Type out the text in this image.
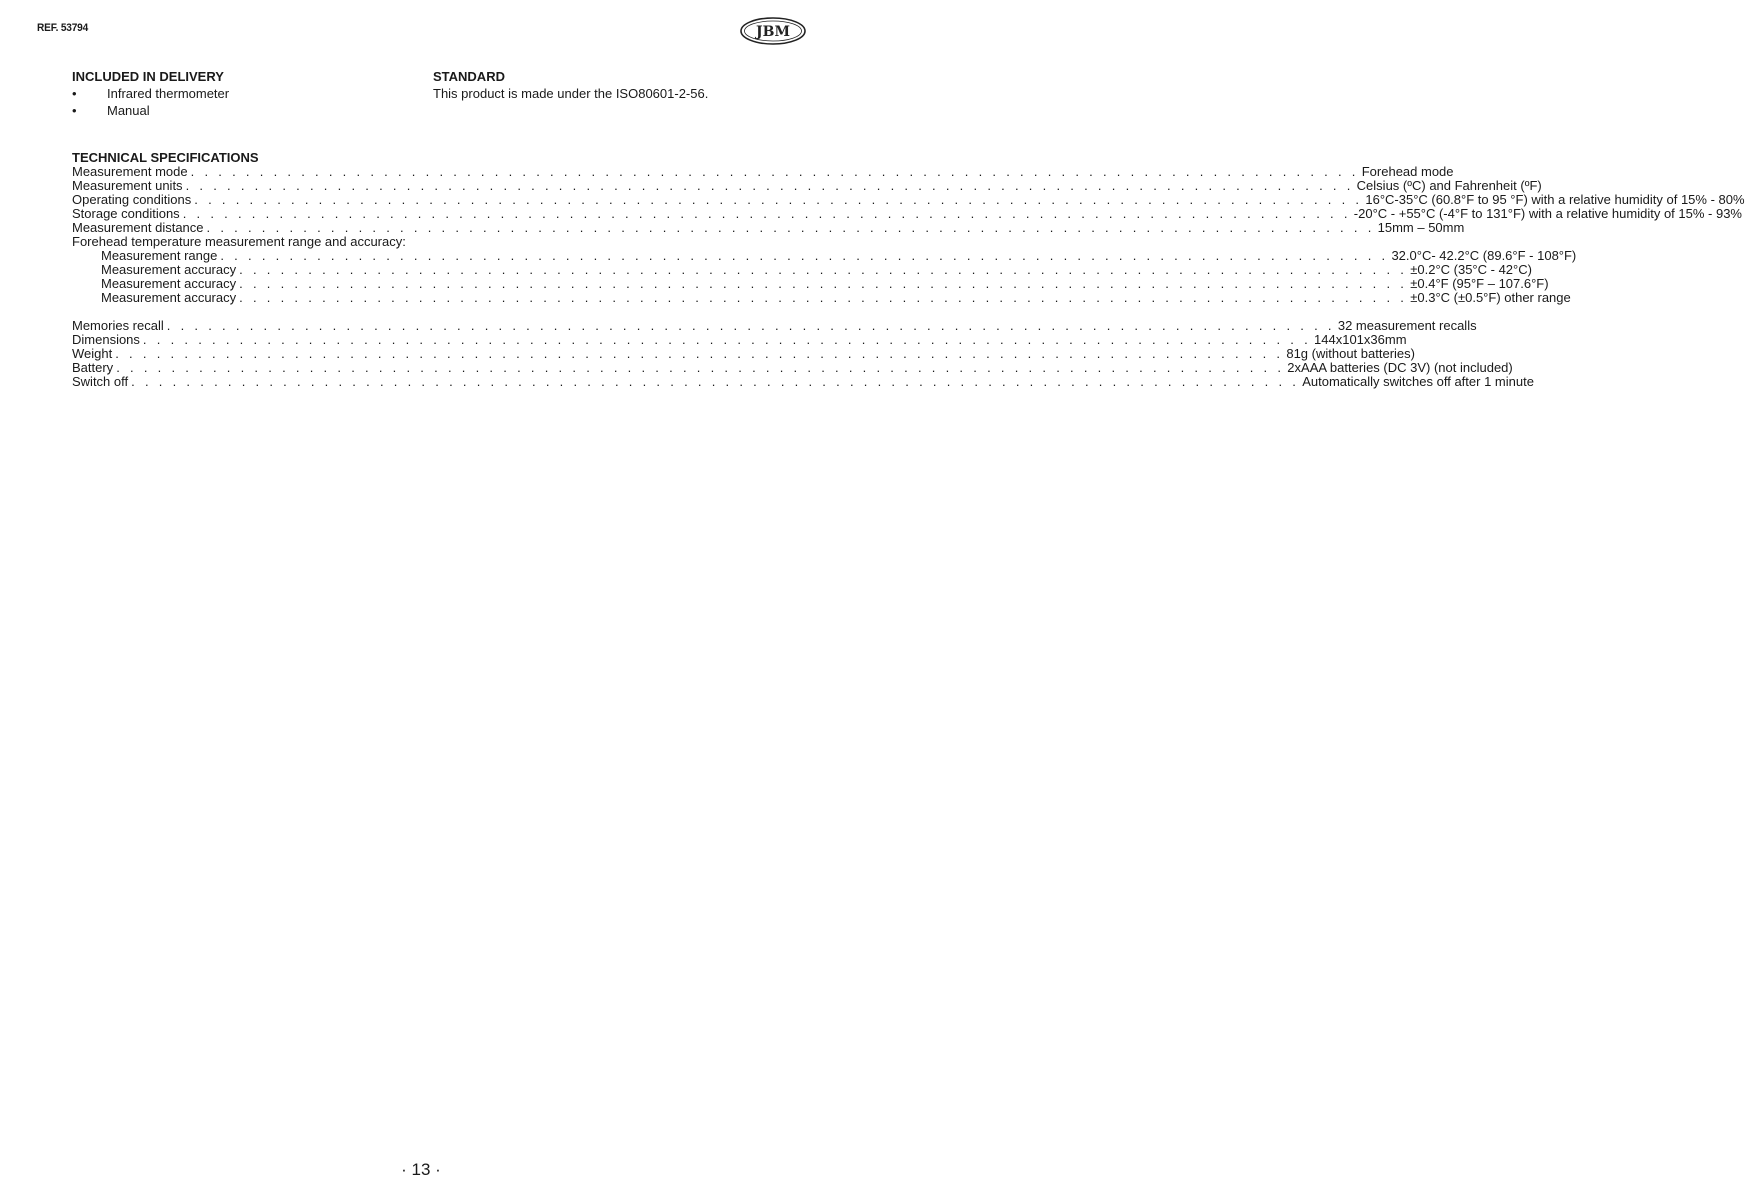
REF. 53794	JBM
INCLUDED IN DELIVERY
•	Infrared thermometer
•	Manual
STANDARD
This product is made under the ISO80601-2-56.
TECHNICAL SPECIFICATIONS
Measurement mode . . . . . . . . . . . . . . . . . . . . . . . . . . . . . . . . . . . . . . . . . . . . . . . . . . . . . . . . . . . . . . . . . . . . . . . . . . . . . . . . . . . . . Forehead mode
Measurement units . . . . . . . . . . . . . . . . . . . . . . . . . . . . . . . . . . . . . . . . . . . . . . . . . . . . . . . . . . . . . . . . . . . . . . . . . . . . . . . . . . . . . Celsius (ºC) and Fahrenheit (ºF)
Operating conditions . . . . . . . . . . . . . . . . . . . . . . . . . . . . . . . . . . . . . . . . . . . . . . . . . . . . . . . . . . . . . . . . . . . . . . . . . . . . . . . . . . . . . 16°C-35°C (60.8°F to 95 °F) with a relative humidity of 15% - 80%
Storage conditions . . . . . . . . . . . . . . . . . . . . . . . . . . . . . . . . . . . . . . . . . . . . . . . . . . . . . . . . . . . . . . . . . . . . . . . . . . . . . . . . . . . . . -20°C - +55°C (-4°F to 131°F) with a relative humidity of 15% - 93%
Measurement distance . . . . . . . . . . . . . . . . . . . . . . . . . . . . . . . . . . . . . . . . . . . . . . . . . . . . . . . . . . . . . . . . . . . . . . . . . . . . . . . . . . . . . 15mm – 50mm
Forehead temperature measurement range and accuracy:
Measurement range . . . . . . . . . . . . . . . . . . . . . . . . . . . . . . . . . . . . . . . . . . . . . . . . . . . . . . . . . . . . . . . . . . . . . . . . . . . . . . . . . . . . . 32.0°C- 42.2°C (89.6°F - 108°F)
Measurement accuracy . . . . . . . . . . . . . . . . . . . . . . . . . . . . . . . . . . . . . . . . . . . . . . . . . . . . . . . . . . . . . . . . . . . . . . . . . . . . . . . . . . . . . ±0.2°C (35°C - 42°C)
Measurement accuracy . . . . . . . . . . . . . . . . . . . . . . . . . . . . . . . . . . . . . . . . . . . . . . . . . . . . . . . . . . . . . . . . . . . . . . . . . . . . . . . . . . . . . ±0.4°F (95°F – 107.6°F)
Measurement accuracy . . . . . . . . . . . . . . . . . . . . . . . . . . . . . . . . . . . . . . . . . . . . . . . . . . . . . . . . . . . . . . . . . . . . . . . . . . . . . . . . . . . . . ±0.3°C (±0.5°F) other range
Memories recall . . . . . . . . . . . . . . . . . . . . . . . . . . . . . . . . . . . . . . . . . . . . . . . . . . . . . . . . . . . . . . . . . . . . . . . . . . . . . . . . . . . . . 32 measurement recalls
Dimensions . . . . . . . . . . . . . . . . . . . . . . . . . . . . . . . . . . . . . . . . . . . . . . . . . . . . . . . . . . . . . . . . . . . . . . . . . . . . . . . . . . . . . 144x101x36mm
Weight . . . . . . . . . . . . . . . . . . . . . . . . . . . . . . . . . . . . . . . . . . . . . . . . . . . . . . . . . . . . . . . . . . . . . . . . . . . . . . . . . . . . . 81g (without batteries)
Battery . . . . . . . . . . . . . . . . . . . . . . . . . . . . . . . . . . . . . . . . . . . . . . . . . . . . . . . . . . . . . . . . . . . . . . . . . . . . . . . . . . . . . 2xAAA batteries (DC 3V) (not included)
Switch off . . . . . . . . . . . . . . . . . . . . . . . . . . . . . . . . . . . . . . . . . . . . . . . . . . . . . . . . . . . . . . . . . . . . . . . . . . . . . . . . . . . . . Automatically switches off after 1 minute
· 13 ·
